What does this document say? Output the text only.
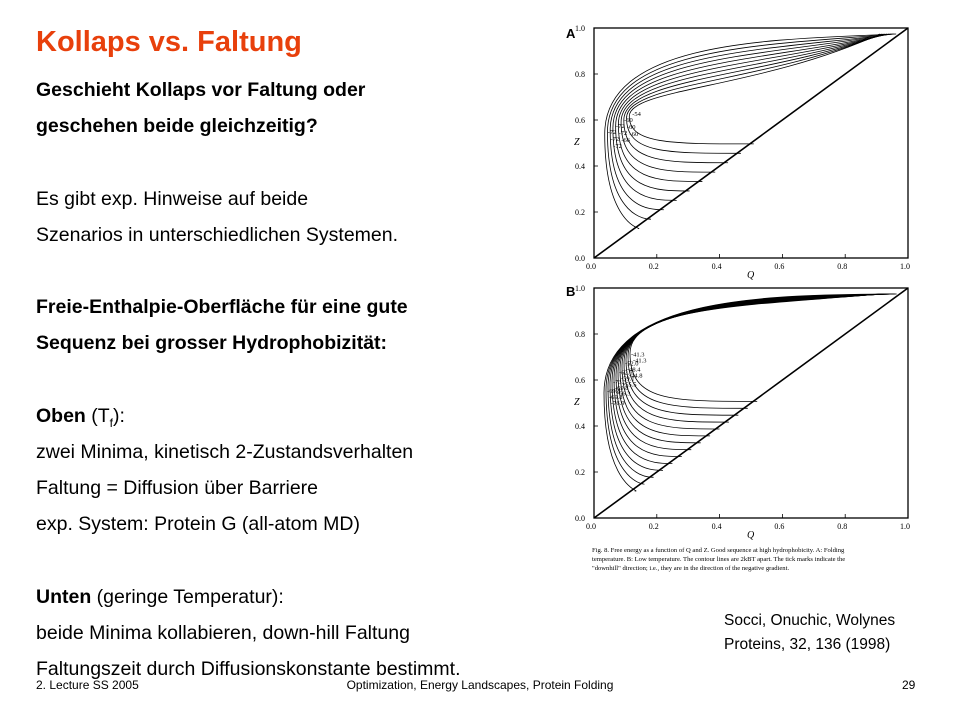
Kollaps vs. Faltung
Geschieht Kollaps vor Faltung oder
geschehen beide gleichzeitig?
Es gibt exp. Hinweise auf beide
Szenarios in unterschiedlichen Systemen.
Freie-Enthalpie-Oberfläche für eine gute
Sequenz bei grosser Hydrophobizität:
Oben $(T_f)$:
zwei Minima, kinetisch 2-Zustandsverhalten
Faltung = Diffusion über Barriere
exp. System: Protein G (all-atom MD)
Unten (geringe Temperatur):
beide Minima kollabieren, down-hill Faltung
Faltungszeit durch Diffusionskonstante bestimmt.
A
-72
-72
-72
-72
-72
-66
-60
-60
-60
-54
Z
Q
0.0	0.2	0.4	0.6	0.8	1.0
0.0
0.2
0.4
0.6
0.8
1.0
B
-69.8
-69.8
-76.9
-73.3
-69.8
-66.3
-62.6
-59.1
-55.5
-52.0
-48.4
-44.8
-41.3
-41.3
Z
Q
0.0	0.2	0.4	0.6	0.8	1.0
0.0
0.2
0.4
0.6
0.8
1.0
Fig. 8. Free energy as a function of Q and Z. Good sequence at high hydrophobicity. A: Folding
temperature. B: Low temperature. The contour lines are 2kBT apart. The tick marks indicate the
"downhill" direction; i.e., they are in the direction of the negative gradient.
Socci, Onuchic, Wolynes
Proteins, 32, 136 (1998)
2. Lecture SS 2005	Optimization, Energy Landscapes, Protein Folding	29
